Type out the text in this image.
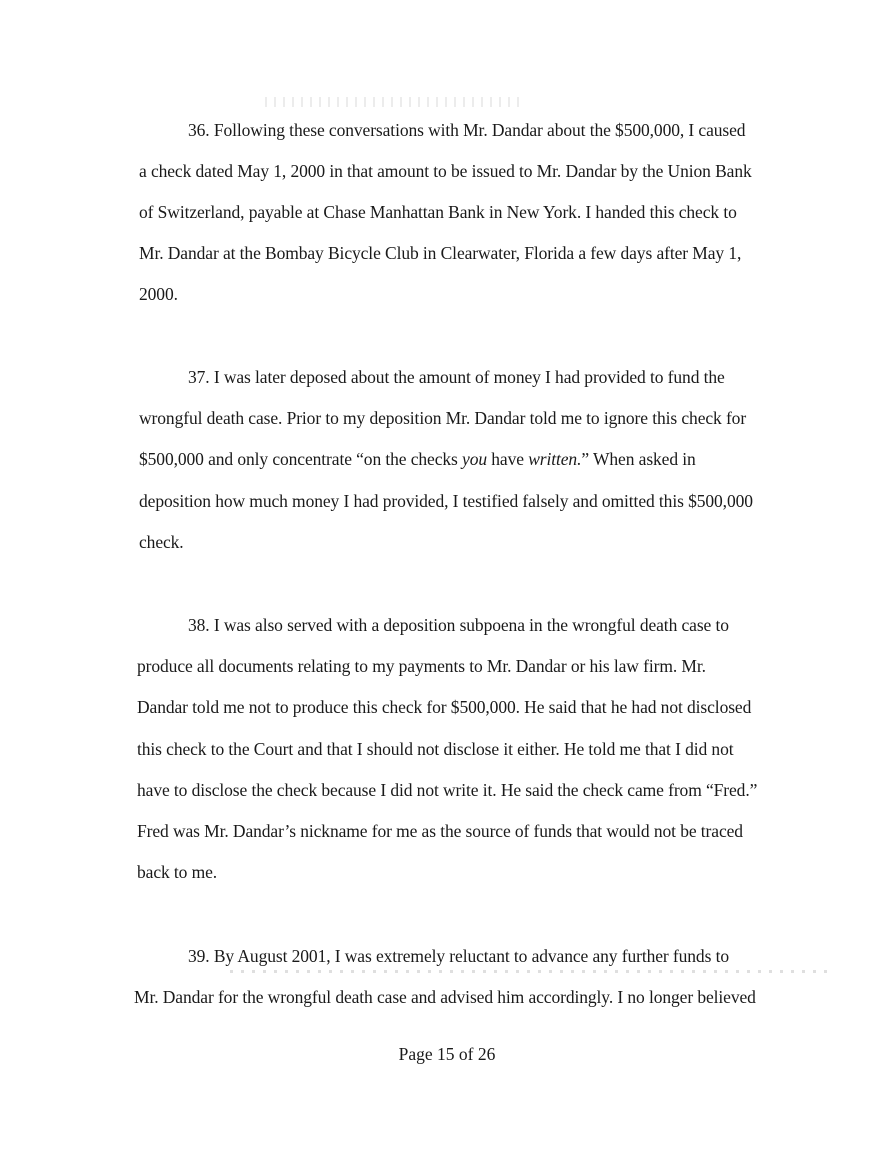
36. Following these conversations with Mr. Dandar about the $500,000, I caused
a check dated May 1, 2000 in that amount to be issued to Mr. Dandar by the Union Bank
of Switzerland, payable at Chase Manhattan Bank in New York. I handed this check to
Mr. Dandar at the Bombay Bicycle Club in Clearwater, Florida a few days after May 1,
2000.
37. I was later deposed about the amount of money I had provided to fund the
wrongful death case. Prior to my deposition Mr. Dandar told me to ignore this check for
$500,000 and only concentrate “on the checks you have written.” When asked in
deposition how much money I had provided, I testified falsely and omitted this $500,000
check.
38. I was also served with a deposition subpoena in the wrongful death case to
produce all documents relating to my payments to Mr. Dandar or his law firm. Mr.
Dandar told me not to produce this check for $500,000. He said that he had not disclosed
this check to the Court and that I should not disclose it either. He told me that I did not
have to disclose the check because I did not write it. He said the check came from “Fred.”
Fred was Mr. Dandar’s nickname for me as the source of funds that would not be traced
back to me.
39. By August 2001, I was extremely reluctant to advance any further funds to
Mr. Dandar for the wrongful death case and advised him accordingly. I no longer believed
Page 15 of 26
